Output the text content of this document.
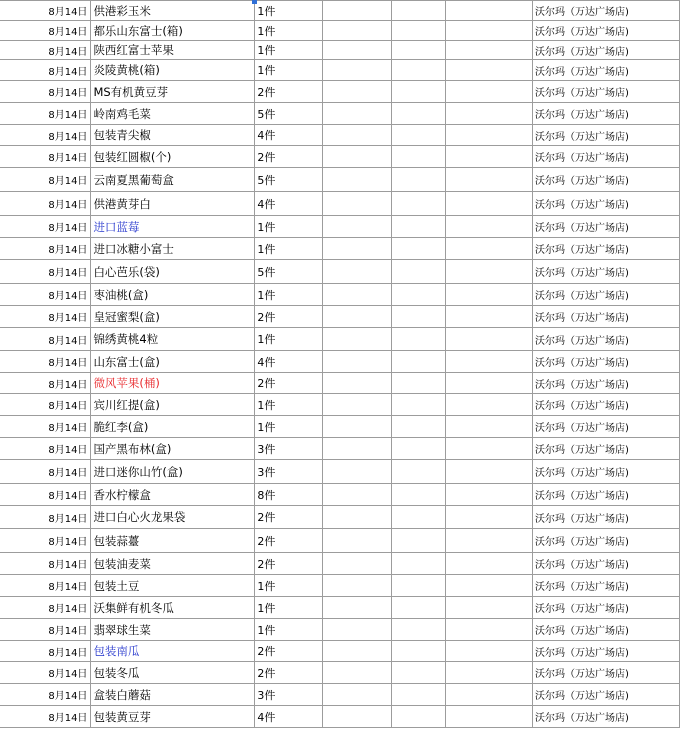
8月14日	供港彩玉米	1件				沃尔玛（万达广场店)
8月14日	都乐山东富士(箱)	1件				沃尔玛（万达广场店)
8月14日	陕西红富士苹果	1件				沃尔玛（万达广场店)
8月14日	炎陵黄桃(箱)	1件				沃尔玛（万达广场店)
8月14日	MS有机黄豆芽	2件				沃尔玛（万达广场店)
8月14日	岭南鸡毛菜	5件				沃尔玛（万达广场店)
8月14日	包装青尖椒	4件				沃尔玛（万达广场店)
8月14日	包装红圆椒(个)	2件				沃尔玛（万达广场店)
8月14日	云南夏黑葡萄盒	5件				沃尔玛（万达广场店)
8月14日	供港黄芽白	4件				沃尔玛（万达广场店)
8月14日	进口蓝莓	1件				沃尔玛（万达广场店)
8月14日	进口冰糖小富士	1件				沃尔玛（万达广场店)
8月14日	白心芭乐(袋)	5件				沃尔玛（万达广场店)
8月14日	枣油桃(盒)	1件				沃尔玛（万达广场店)
8月14日	皇冠蜜梨(盒)	2件				沃尔玛（万达广场店)
8月14日	锦绣黄桃4粒	1件				沃尔玛（万达广场店)
8月14日	山东富士(盒)	4件				沃尔玛（万达广场店)
8月14日	微风苹果(桶)	2件				沃尔玛（万达广场店)
8月14日	宾川红提(盒)	1件				沃尔玛（万达广场店)
8月14日	脆红李(盒)	1件				沃尔玛（万达广场店)
8月14日	国产黑布林(盒)	3件				沃尔玛（万达广场店)
8月14日	进口迷你山竹(盒)	3件				沃尔玛（万达广场店)
8月14日	香水柠檬盒	8件				沃尔玛（万达广场店)
8月14日	进口白心火龙果袋	2件				沃尔玛（万达广场店)
8月14日	包装蒜薹	2件				沃尔玛（万达广场店)
8月14日	包装油麦菜	2件				沃尔玛（万达广场店)
8月14日	包装土豆	1件				沃尔玛（万达广场店)
8月14日	沃集鲜有机冬瓜	1件				沃尔玛（万达广场店)
8月14日	翡翠球生菜	1件				沃尔玛（万达广场店)
8月14日	包装南瓜	2件				沃尔玛（万达广场店)
8月14日	包装冬瓜	2件				沃尔玛（万达广场店)
8月14日	盒装白蘑菇	3件				沃尔玛（万达广场店)
8月14日	包装黄豆芽	4件				沃尔玛（万达广场店)
